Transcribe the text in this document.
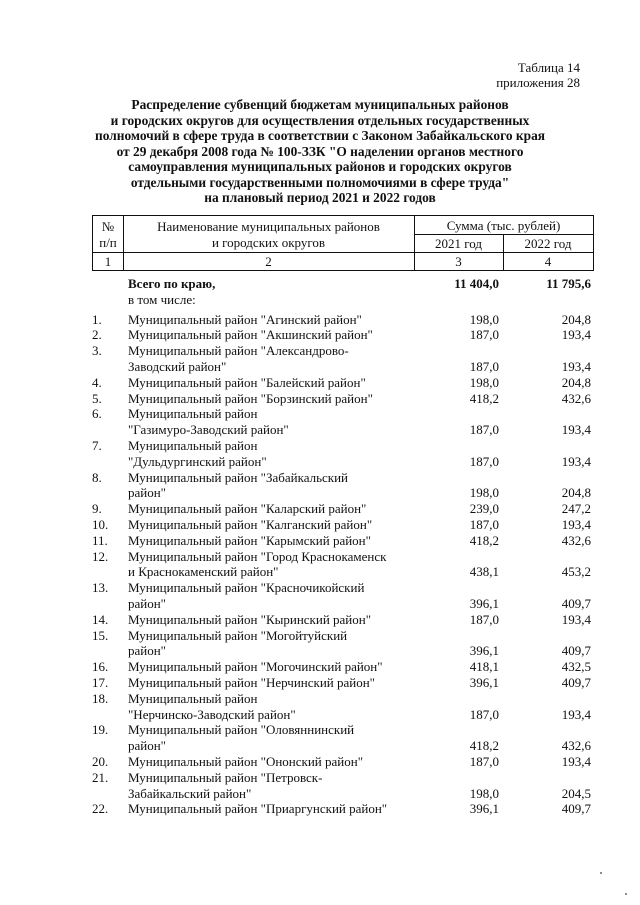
Таблица 14
приложения 28
Распределение субвенций бюджетам муниципальных районов
и городских округов для осуществления отдельных государственных
полномочий в сфере труда в соответствии с Законом Забайкальского края
от 29 декабря 2008 года № 100-ЗЗК "О наделении органов местного
самоуправления муниципальных районов и городских округов
отдельными государственными полномочиями в сфере труда"
на плановый период 2021 и 2022 годов
№
п/п
Наименование муниципальных районов
и городских округов
Сумма (тыс. рублей)
2021 год	2022 год
1	2	3	4
Всего по краю,	11 404,0	11 795,6
в том числе:
1.	Муниципальный район "Агинский район"	198,0	204,8
2.	Муниципальный район "Акшинский район"	187,0	193,4
3.	Муниципальный район "Александрово-
Заводский район"	187,0	193,4
4.	Муниципальный район "Балейский район"	198,0	204,8
5.	Муниципальный район "Борзинский район"	418,2	432,6
6.	Муниципальный район
"Газимуро-Заводский район"	187,0	193,4
7.	Муниципальный район
"Дульдургинский район"	187,0	193,4
8.	Муниципальный район "Забайкальский
район"	198,0	204,8
9.	Муниципальный район "Каларский район"	239,0	247,2
10.	Муниципальный район "Калганский район"	187,0	193,4
11.	Муниципальный район "Карымский район"	418,2	432,6
12.	Муниципальный район "Город Краснокаменск
и Краснокаменский район"	438,1	453,2
13.	Муниципальный район "Красночикойский
район"	396,1	409,7
14.	Муниципальный район "Кыринский район"	187,0	193,4
15.	Муниципальный район "Могойтуйский
район"	396,1	409,7
16.	Муниципальный район "Могочинский район"	418,1	432,5
17.	Муниципальный район "Нерчинский район"	396,1	409,7
18.	Муниципальный район
"Нерчинско-Заводский район"	187,0	193,4
19.	Муниципальный район "Оловяннинский
район"	418,2	432,6
20.	Муниципальный район "Ононский район"	187,0	193,4
21.	Муниципальный район "Петровск-
Забайкальский район"	198,0	204,5
22.	Муниципальный район "Приаргунский район"	396,1	409,7
